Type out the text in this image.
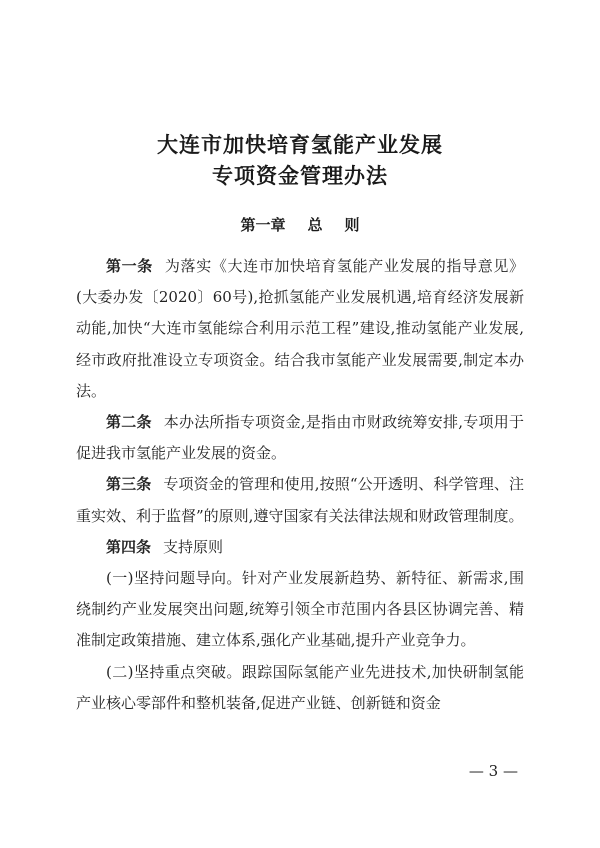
大连市加快培育氢能产业发展
专项资金管理办法
第一章 总 则

第一条 为落实《大连市加快培育氢能产业发展的指导意见》(大委办发〔2020〕60号),抢抓氢能产业发展机遇,培育经济发展新动能,加快“大连市氢能综合利用示范工程”建设,推动氢能产业发展,经市政府批准设立专项资金。结合我市氢能产业发展需要,制定本办法。

第二条 本办法所指专项资金,是指由市财政统筹安排,专项用于促进我市氢能产业发展的资金。

第三条 专项资金的管理和使用,按照“公开透明、科学管理、注重实效、利于监督”的原则,遵守国家有关法律法规和财政管理制度。

第四条 支持原则

(一)坚持问题导向。针对产业发展新趋势、新特征、新需求,围绕制约产业发展突出问题,统筹引领全市范围内各县区协调完善、精准制定政策措施、建立体系,强化产业基础,提升产业竞争力。

(二)坚持重点突破。跟踪国际氢能产业先进技术,加快研制氢能产业核心零部件和整机装备,促进产业链、创新链和资金

— 3 —
